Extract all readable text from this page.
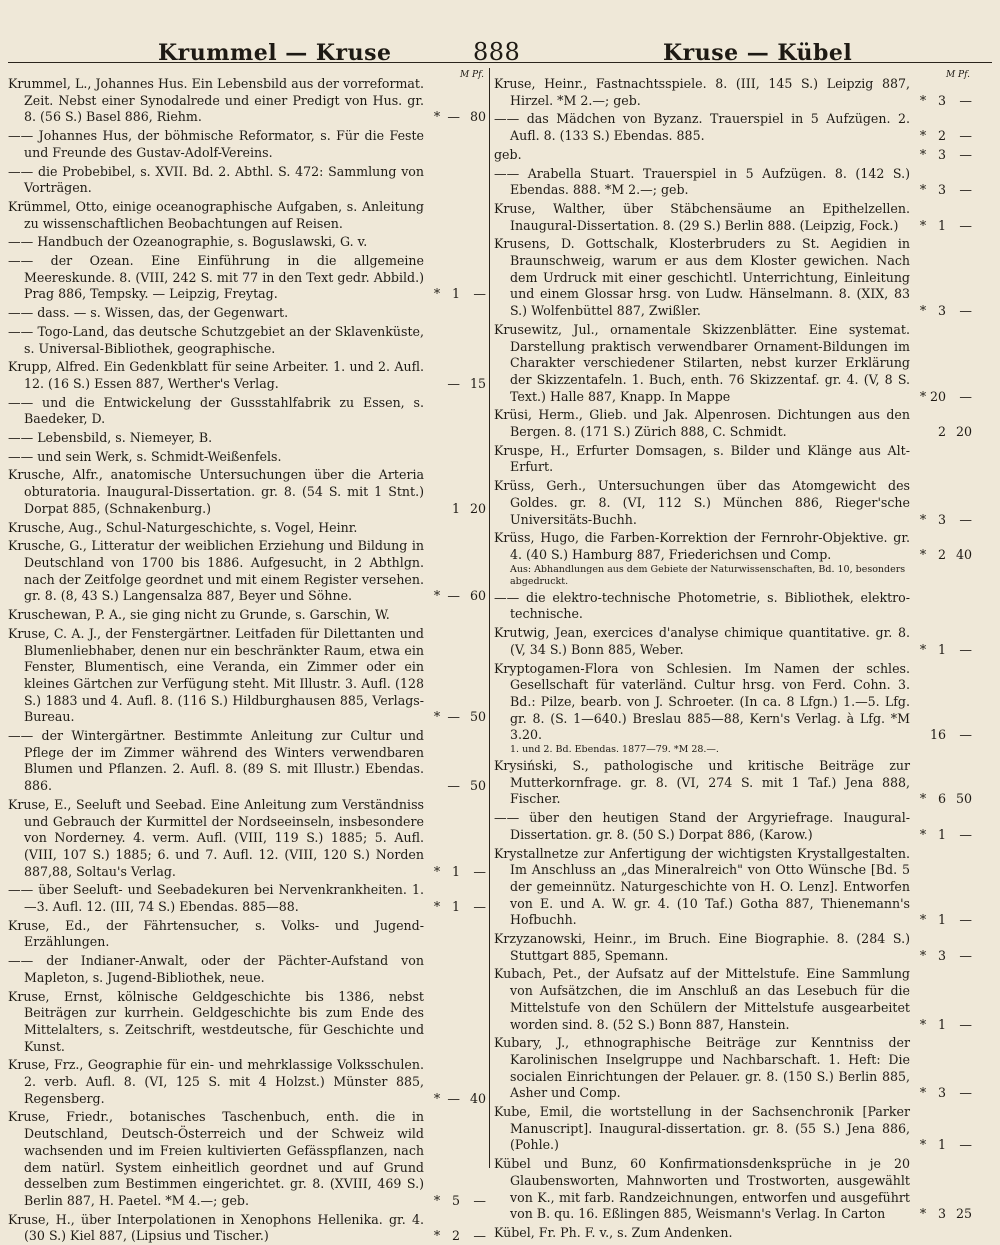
Krummel — Kruse	888	Kruse — Kübel
M Pf.
Krummel, L., Johannes Hus. Ein Lebensbild aus der vorreformat. Zeit. Nebst einer Synodalrede und einer Predigt von Hus. gr. 8. (56 S.) Basel 886, Riehm.	* — 80
—— Johannes Hus, der böhmische Reformator, s. Für die Feste und Freunde des Gustav-Adolf-Vereins.
—— die Probebibel, s. XVII. Bd. 2. Abthl. S. 472: Sammlung von Vorträgen.
Krümmel, Otto, einige oceanographische Aufgaben, s. Anleitung zu wissenschaftlichen Beobachtungen auf Reisen.
—— Handbuch der Ozeanographie, s. Boguslawski, G. v.
—— der Ozean. Eine Einführung in die allgemeine Meereskunde. 8. (VIII, 242 S. mit 77 in den Text gedr. Abbild.) Prag 886, Tempsky. — Leipzig, Freytag.	* 1	—
—— dass. — s. Wissen, das, der Gegenwart.
—— Togo-Land, das deutsche Schutzgebiet an der Sklavenküste, s. Universal-Bibliothek, geographische.
Krupp, Alfred. Ein Gedenkblatt für seine Arbeiter. 1. und 2. Aufl. 12. (16 S.) Essen 887, Werther's Verlag.	— 15
—— und die Entwickelung der Gussstahlfabrik zu Essen, s. Baedeker, D.
—— Lebensbild, s. Niemeyer, B.
—— und sein Werk, s. Schmidt-Weißenfels.
Krusche, Alfr., anatomische Untersuchungen über die Arteria obturatoria. Inaugural-Dissertation. gr. 8. (54 S. mit 1 Stnt.) Dorpat 885, (Schnakenburg.)	1 20
Krusche, Aug., Schul-Naturgeschichte, s. Vogel, Heinr.
Krusche, G., Litteratur der weiblichen Erziehung und Bildung in Deutschland von 1700 bis 1886. Aufgesucht, in 2 Abthlgn. nach der Zeitfolge geordnet und mit einem Register versehen. gr. 8. (8, 43 S.) Langensalza 887, Beyer und Söhne.	* — 60
Kruschewan, P. A., sie ging nicht zu Grunde, s. Garschin, W.
Kruse, C. A. J., der Fenstergärtner. Leitfaden für Dilettanten und Blumenliebhaber, denen nur ein beschränkter Raum, etwa ein Fenster, Blumentisch, eine Veranda, ein Zimmer oder ein kleines Gärtchen zur Verfügung steht. Mit Illustr. 3. Aufl. (128 S.) 1883 und 4. Aufl. 8. (116 S.) Hildburghausen 885, Verlags-Bureau.	* — 50
—— der Wintergärtner. Bestimmte Anleitung zur Cultur und Pflege der im Zimmer während des Winters verwendbaren Blumen und Pflanzen. 2. Aufl. 8. (89 S. mit Illustr.) Ebendas. 886.	— 50
Kruse, E., Seeluft und Seebad. Eine Anleitung zum Verständniss und Gebrauch der Kurmittel der Nordseeinseln, insbesondere von Norderney. 4. verm. Aufl. (VIII, 119 S.) 1885; 5. Aufl. (VIII, 107 S.) 1885; 6. und 7. Aufl. 12. (VIII, 120 S.) Norden 887,88, Soltau's Verlag.	* 1	—
—— über Seeluft- und Seebadekuren bei Nervenkrankheiten. 1.—3. Aufl. 12. (III, 74 S.) Ebendas. 885—88.	* 1	—
Kruse, Ed., der Fährtensucher, s. Volks- und Jugend-Erzählungen.
—— der Indianer-Anwalt, oder der Pächter-Aufstand von Mapleton, s. Jugend-Bibliothek, neue.
Kruse, Ernst, kölnische Geldgeschichte bis 1386, nebst Beiträgen zur kurrhein. Geldgeschichte bis zum Ende des Mittelalters, s. Zeitschrift, westdeutsche, für Geschichte und Kunst.
Kruse, Frz., Geographie für ein- und mehrklassige Volksschulen. 2. verb. Aufl. 8. (VI, 125 S. mit 4 Holzst.) Münster 885, Regensberg.	* — 40
Kruse, Friedr., botanisches Taschenbuch, enth. die in Deutschland, Deutsch-Österreich und der Schweiz wild wachsenden und im Freien kultivierten Gefässpflanzen, nach dem natürl. System einheitlich geordnet und auf Grund desselben zum Bestimmen eingerichtet. gr. 8. (XVIII, 469 S.) Berlin 887, H. Paetel. *M 4.—; geb.	* 5	—
Kruse, H., über Interpolationen in Xenophons Hellenika. gr. 4. (30 S.) Kiel 887, (Lipsius und Tischer.)	* 2	—
M Pf.
Kruse, Heinr., Fastnachtsspiele. 8. (III, 145 S.) Leipzig 887, Hirzel. *M 2.—; geb.	* 3	—
—— das Mädchen von Byzanz. Trauerspiel in 5 Aufzügen. 2. Aufl. 8. (133 S.) Ebendas. 885.	* 2	—
geb.	* 3	—
—— Arabella Stuart. Trauerspiel in 5 Aufzügen. 8. (142 S.) Ebendas. 888. *M 2.—; geb.	* 3	—
Kruse, Walther, über Stäbchensäume an Epithelzellen. Inaugural-Dissertation. 8. (29 S.) Berlin 888. (Leipzig, Fock.)	* 1	—
Krusens, D. Gottschalk, Klosterbruders zu St. Aegidien in Braunschweig, warum er aus dem Kloster gewichen. Nach dem Urdruck mit einer geschichtl. Unterrichtung, Einleitung und einem Glossar hrsg. von Ludw. Hänselmann. 8. (XIX, 83 S.) Wolfenbüttel 887, Zwißler.	* 3	—
Krusewitz, Jul., ornamentale Skizzenblätter. Eine systemat. Darstellung praktisch verwendbarer Ornament-Bildungen im Charakter verschiedener Stilarten, nebst kurzer Erklärung der Skizzentafeln. 1. Buch, enth. 76 Skizzentaf. gr. 4. (V, 8 S. Text.) Halle 887, Knapp. In Mappe	* 20	—
Krüsi, Herm., Glieb. und Jak. Alpenrosen. Dichtungen aus den Bergen. 8. (171 S.) Zürich 888, C. Schmidt.	2 20
Kruspe, H., Erfurter Domsagen, s. Bilder und Klänge aus Alt-Erfurt.
Krüss, Gerh., Untersuchungen über das Atomgewicht des Goldes. gr. 8. (VI, 112 S.) München 886, Rieger'sche Universitäts-Buchh.	* 3	—
Krüss, Hugo, die Farben-Korrektion der Fernrohr-Objektive. gr. 4. (40 S.) Hamburg 887, Friederichsen und Comp.	* 2 40
Aus: Abhandlungen aus dem Gebiete der Naturwissenschaften, Bd. 10, besonders abgedruckt.
—— die elektro-technische Photometrie, s. Bibliothek, elektro-technische.
Krutwig, Jean, exercices d'analyse chimique quantitative. gr. 8. (V, 34 S.) Bonn 885, Weber.	* 1	—
Kryptogamen-Flora von Schlesien. Im Namen der schles. Gesellschaft für vaterländ. Cultur hrsg. von Ferd. Cohn. 3. Bd.: Pilze, bearb. von J. Schroeter. (In ca. 8 Lfgn.) 1.—5. Lfg. gr. 8. (S. 1—640.) Breslau 885—88, Kern's Verlag. à Lfg. *M 3.20.	16	—
1. und 2. Bd. Ebendas. 1877—79. *M 28.—.
Krysiński, S., pathologische und kritische Beiträge zur Mutterkornfrage. gr. 8. (VI, 274 S. mit 1 Taf.) Jena 888, Fischer.	* 6 50
—— über den heutigen Stand der Argyriefrage. Inaugural-Dissertation. gr. 8. (50 S.) Dorpat 886, (Karow.)	* 1	—
Krystallnetze zur Anfertigung der wichtigsten Krystallgestalten. Im Anschluss an „das Mineralreich" von Otto Wünsche [Bd. 5 der gemeinnütz. Naturgeschichte von H. O. Lenz]. Entworfen von E. und A. W. gr. 4. (10 Taf.) Gotha 887, Thienemann's Hofbuchh.	* 1	—
Krzyzanowski, Heinr., im Bruch. Eine Biographie. 8. (284 S.) Stuttgart 885, Spemann.	* 3	—
Kubach, Pet., der Aufsatz auf der Mittelstufe. Eine Sammlung von Aufsätzchen, die im Anschluß an das Lesebuch für die Mittelstufe von den Schülern der Mittelstufe ausgearbeitet worden sind. 8. (52 S.) Bonn 887, Hanstein.	* 1	—
Kubary, J., ethnographische Beiträge zur Kenntniss der Karolinischen Inselgruppe und Nachbarschaft. 1. Heft: Die socialen Einrichtungen der Pelauer. gr. 8. (150 S.) Berlin 885, Asher und Comp.	* 3	—
Kube, Emil, die wortstellung in der Sachsenchronik [Parker Manuscript]. Inaugural-dissertation. gr. 8. (55 S.) Jena 886, (Pohle.)	* 1	—
Kübel und Bunz, 60 Konfirmationsdenksprüche in je 20 Glaubensworten, Mahnworten und Trostworten, ausgewählt von K., mit farb. Randzeichnungen, entworfen und ausgeführt von B. qu. 16. Eßlingen 885, Weismann's Verlag. In Carton	* 3 25
Kübel, Fr. Ph. F. v., s. Zum Andenken.
